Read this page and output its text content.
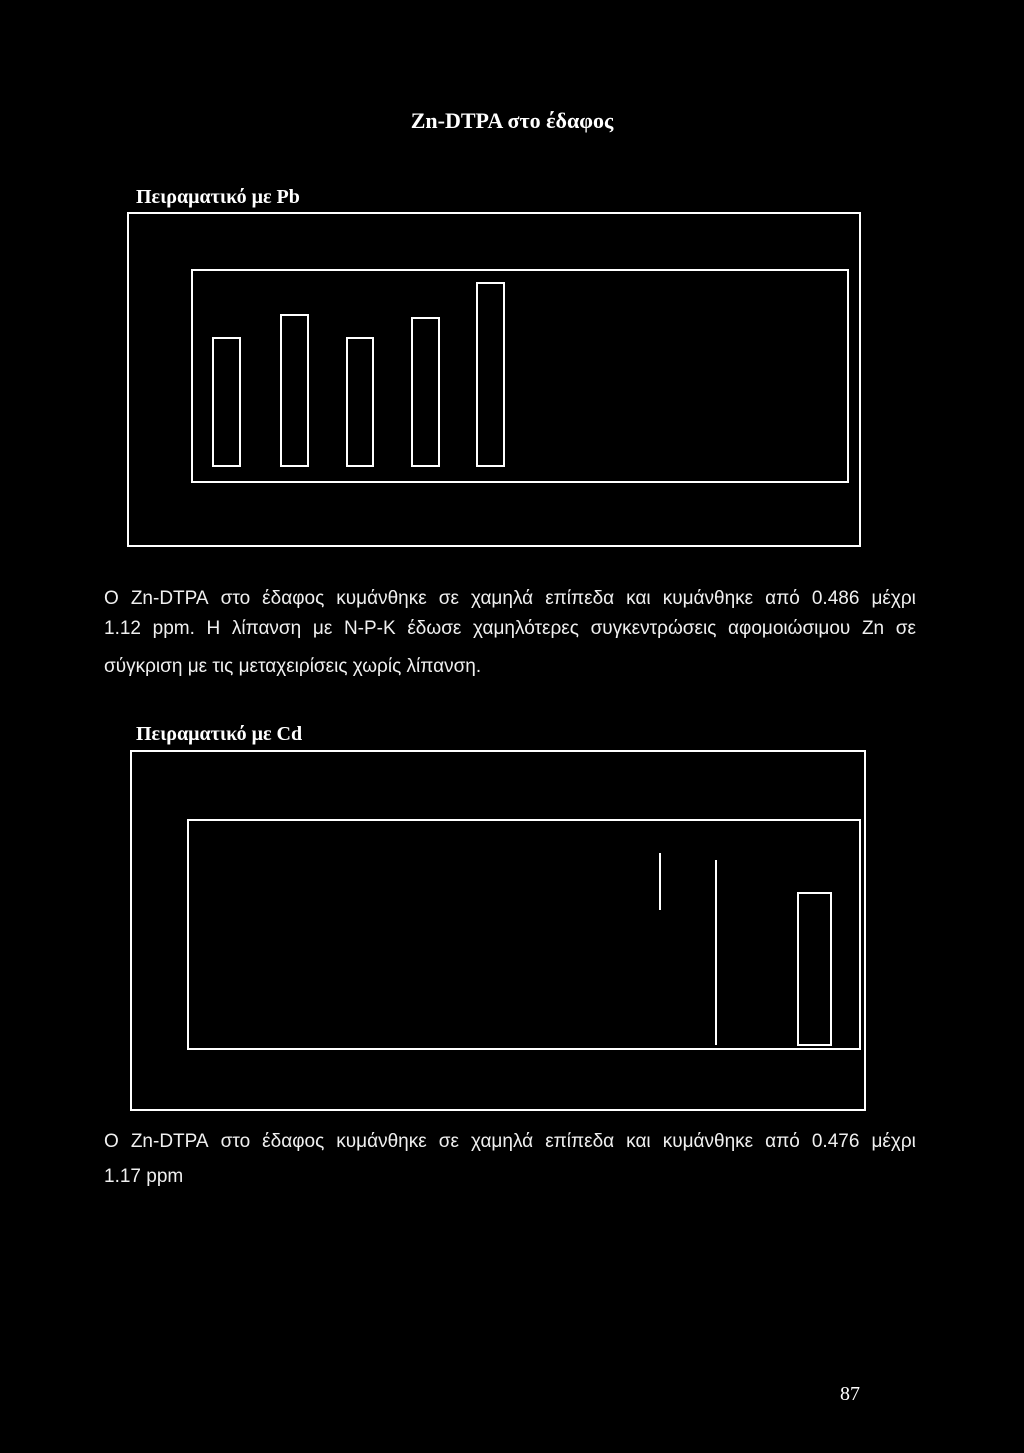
Zn-DTPA στο έδαφος
Πειραματικό με Pb
Ο Zn-DTPA στο έδαφος κυμάνθηκε σε χαμηλά επίπεδα και κυμάνθηκε από 0.486 μέχρι
1.12 ppm. Η λίπανση με N-P-K έδωσε χαμηλότερες συγκεντρώσεις αφομοιώσιμου Zn σε
σύγκριση με τις μεταχειρίσεις χωρίς λίπανση.
Πειραματικό με Cd
Ο Zn-DTPA στο έδαφος κυμάνθηκε σε χαμηλά επίπεδα και κυμάνθηκε από 0.476 μέχρι
1.17 ppm
87
